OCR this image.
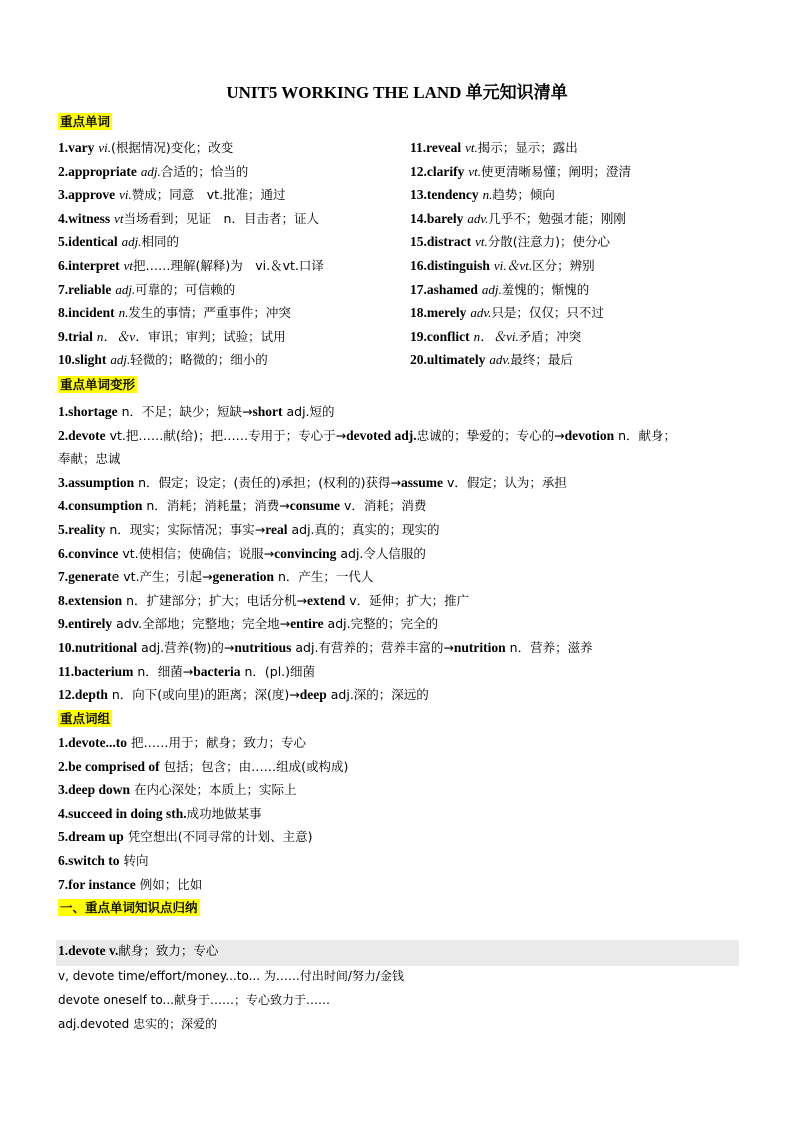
UNIT5 WORKING THE LAND 单元知识清单
重点单词
1.vary vi.(根据情况)变化；改变
2.appropriate adj.合适的；恰当的
3.approve vi.赞成；同意　vt.批准；通过
4.witness vt当场看到；见证　n．目击者；证人
5.identical adj.相同的
6.interpret vt把……理解(解释)为　vi.＆vt.口译
7.reliable adj.可靠的；可信赖的
8.incident n.发生的事情；严重事件；冲突
9.trial n．＆v．审讯；审判；试验；试用
10.slight adj.轻微的；略微的；细小的
11.reveal vt.揭示；显示；露出
12.clarify vt.使更清晰易懂；阐明；澄清
13.tendency n.趋势；倾向
14.barely adv.几乎不；勉强才能；刚刚
15.distract vt.分散(注意力)；使分心
16.distinguish vi.＆vt.区分；辨别
17.ashamed adj.羞愧的；惭愧的
18.merely adv.只是；仅仅；只不过
19.conflict n．＆vi.矛盾；冲突
20.ultimately adv.最终；最后
重点单词变形
1.shortage n．不足；缺少；短缺→short adj.短的
2.devote vt.把……献(给)；把……专用于；专心于→devoted adj.忠诚的；挚爱的；专心的→devotion n．献身；
奉献；忠诚
3.assumption n．假定；设定；(责任的)承担；(权利的)获得→assume v．假定；认为；承担
4.consumption n．消耗；消耗量；消费→consume v．消耗；消费
5.reality n．现实；实际情况；事实→real adj.真的；真实的；现实的
6.convince vt.使相信；使确信；说服→convincing adj.令人信服的
7.generate vt.产生；引起→generation n．产生；一代人
8.extension n．扩建部分；扩大；电话分机→extend v．延伸；扩大；推广
9.entirely adv.全部地；完整地；完全地→entire adj.完整的；完全的
10.nutritional adj.营养(物)的→nutritious adj.有营养的；营养丰富的→nutrition n．营养；滋养
11.bacterium n．细菌→bacteria n．(pl.)细菌
12.depth n．向下(或向里)的距离；深(度)→deep adj.深的；深远的
重点词组
1.devote...to 把……用于；献身；致力；专心
2.be comprised of 包括；包含；由……组成(或构成)
3.deep down 在内心深处；本质上；实际上
4.succeed in doing sth.成功地做某事
5.dream up 凭空想出(不同寻常的计划、主意)
6.switch to 转向
7.for instance 例如；比如
一、重点单词知识点归纳
1.devote v.献身；致力；专心
v, devote time/effort/money...to... 为……付出时间/努力/金钱
devote oneself to...献身于……；专心致力于……
adj.devoted 忠实的；深爱的
